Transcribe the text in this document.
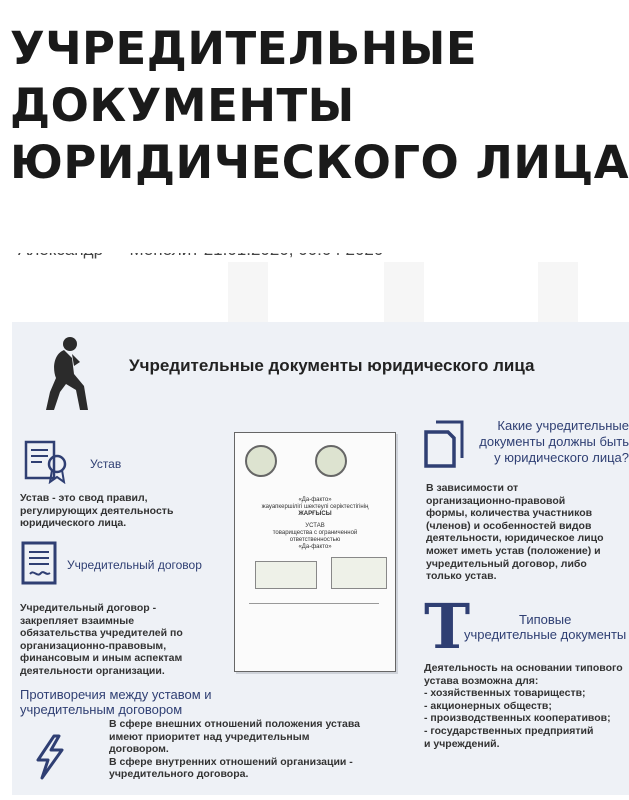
УЧРЕДИТЕЛЬНЫЕ
ДОКУМЕНТЫ
ЮРИДИЧЕСКОГО ЛИЦА
Учредительные документы юридического лица
Устав
Устав - это свод правил,
регулирующих деятельность
юридического лица.
Учредительный договор
Учредительный договор -
закрепляет взаимные
обязательства учредителей по
организационно-правовым,
финансовым и иным аспектам
деятельности организации.
Противоречия между уставом и
учредительным договором
В сфере внешних отношений положения устава
имеют приоритет над учредительным
договором.
В сфере внутренних отношений организации -
учредительного договора.
«Да-факто»
жауапкершілігі шектеулі серіктестігінің
ЖАРҒЫСЫ
УСТАВ
товарищества с ограниченной
ответственностью
«Да-факто»
Какие учредительные
документы должны быть
у юридического лица?
В зависимости от
организационно-правовой
формы, количества участников
(членов) и особенностей видов
деятельности, юридическое лицо
может иметь устав (положение) и
учредительный договор, либо
только устав.
T	Типовые
учредительные документы
Деятельность на основании типового
устава возможна для:
- хозяйственных товариществ;
- акционерных обществ;
- производственных кооперативов;
- государственных предприятий
и учреждений.
